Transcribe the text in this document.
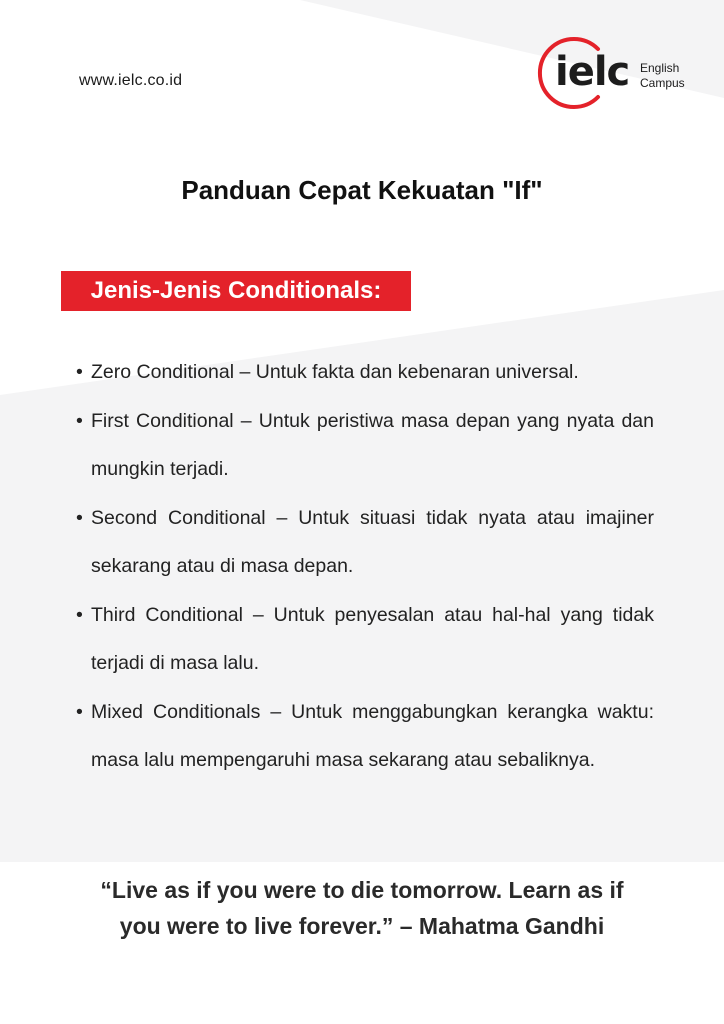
www.ielc.co.id	ielc English
Campus
Panduan Cepat Kekuatan "If"
Jenis-Jenis Conditionals:
• Zero Conditional – Untuk fakta dan kebenaran universal.
• First Conditional – Untuk peristiwa masa depan yang nyata dan mungkin terjadi.
• Second Conditional – Untuk situasi tidak nyata atau imajiner sekarang atau di masa depan.
• Third Conditional – Untuk penyesalan atau hal-hal yang tidak terjadi di masa lalu.
• Mixed Conditionals – Untuk menggabungkan kerangka waktu: masa lalu mempengaruhi masa sekarang atau sebaliknya.

“Live as if you were to die tomorrow. Learn as if
you were to live forever.” – Mahatma Gandhi
